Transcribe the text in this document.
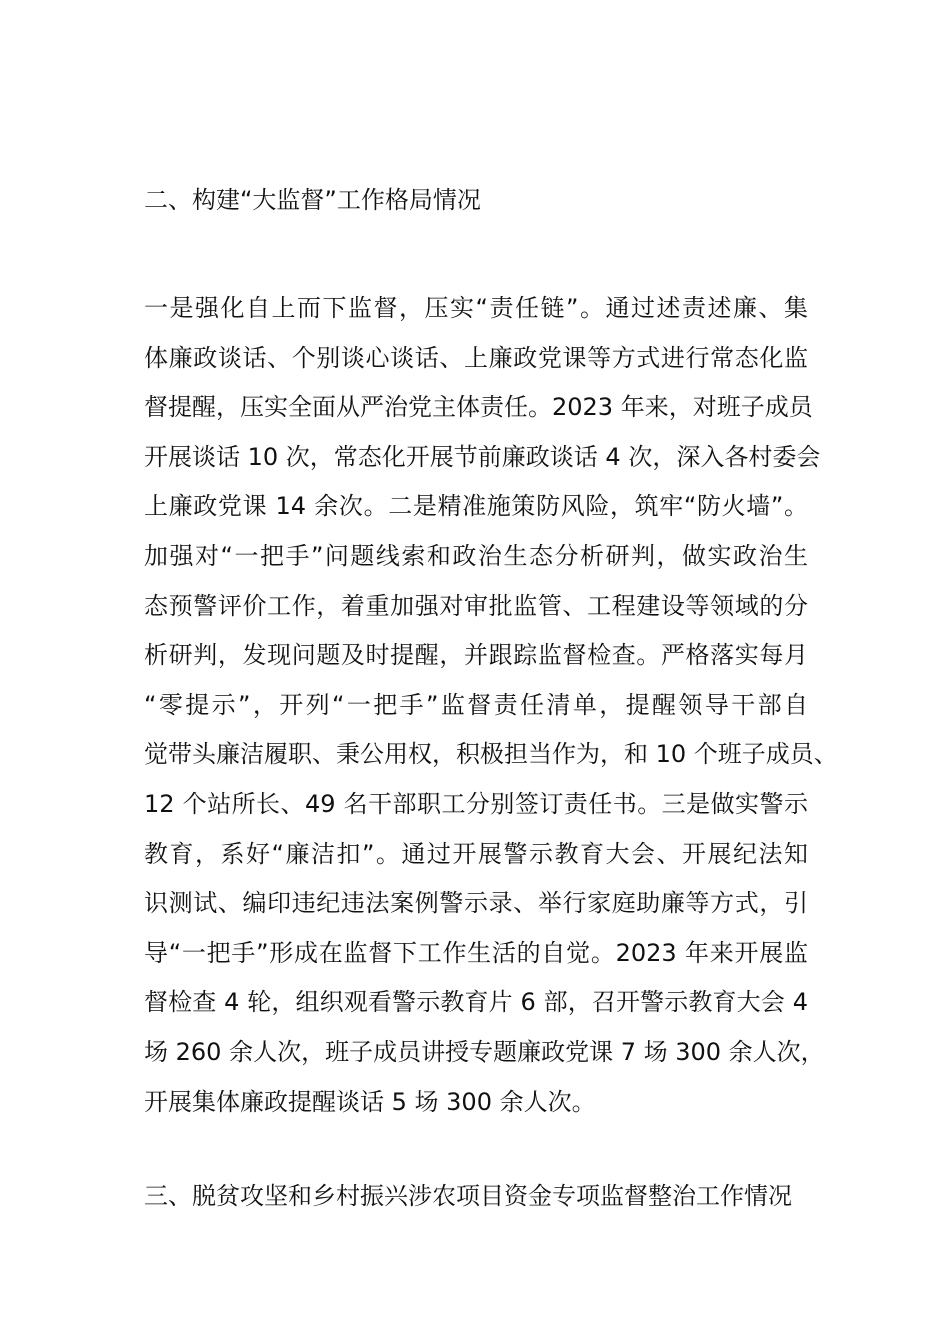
二、构建“大监督”工作格局情况

一是强化自上而下监督，压实“责任链”。通过述责述廉、集
体廉政谈话、个别谈心谈话、上廉政党课等方式进行常态化监
督提醒，压实全面从严治党主体责任。2023 年来，对班子成员
开展谈话 10 次，常态化开展节前廉政谈话 4 次，深入各村委会
上廉政党课 14 余次。二是精准施策防风险，筑牢“防火墙”。
加强对“一把手”问题线索和政治生态分析研判，做实政治生
态预警评价工作，着重加强对审批监管、工程建设等领域的分
析研判，发现问题及时提醒，并跟踪监督检查。严格落实每月
“零提示”，开列“一把手”监督责任清单，提醒领导干部自
觉带头廉洁履职、秉公用权，积极担当作为，和 10 个班子成员、
12 个站所长、49 名干部职工分别签订责任书。三是做实警示
教育，系好“廉洁扣”。通过开展警示教育大会、开展纪法知
识测试、编印违纪违法案例警示录、举行家庭助廉等方式，引
导“一把手”形成在监督下工作生活的自觉。2023 年来开展监
督检查 4 轮，组织观看警示教育片 6 部，召开警示教育大会 4
场 260 余人次，班子成员讲授专题廉政党课 7 场 300 余人次，
开展集体廉政提醒谈话 5 场 300 余人次。

三、脱贫攻坚和乡村振兴涉农项目资金专项监督整治工作情况
